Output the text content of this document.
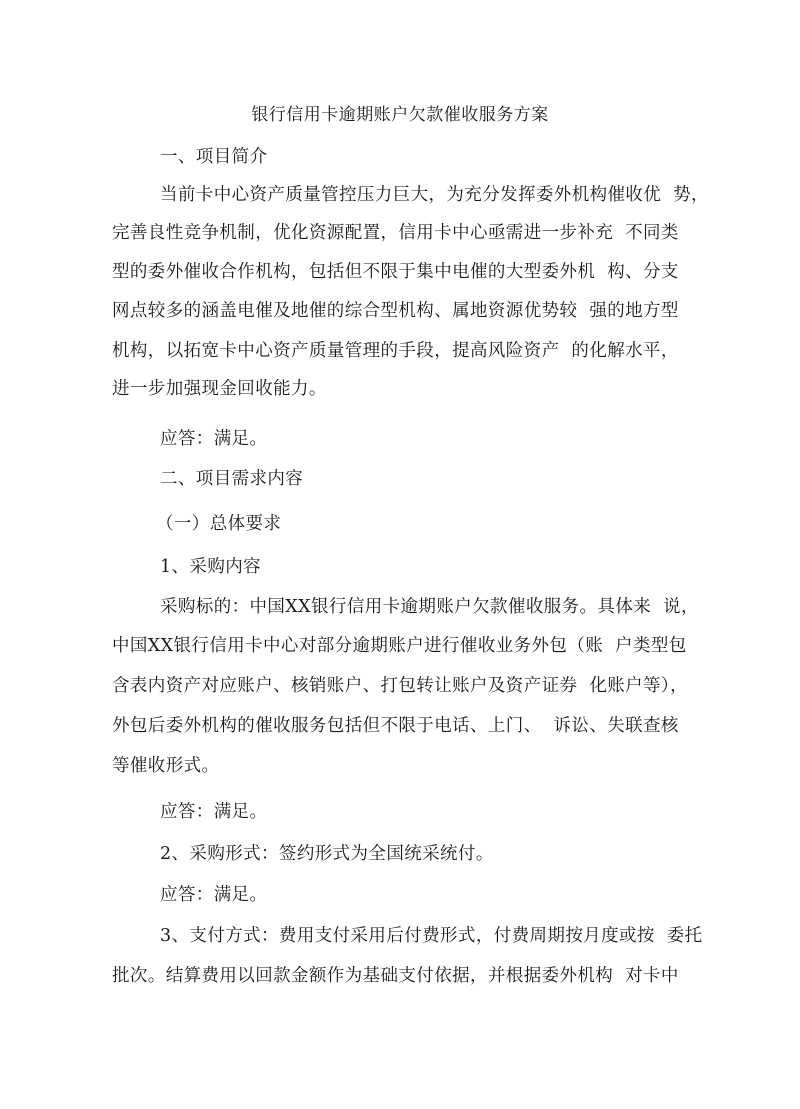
银行信用卡逾期账户欠款催收服务方案
一、项目简介
当前卡中心资产质量管控压力巨大，为充分发挥委外机构催收优  势，
完善良性竞争机制，优化资源配置，信用卡中心亟需进一步补充  不同类
型的委外催收合作机构，包括但不限于集中电催的大型委外机  构、分支
网点较多的涵盖电催及地催的综合型机构、属地资源优势较  强的地方型
机构，以拓宽卡中心资产质量管理的手段，提高风险资产  的化解水平，
进一步加强现金回收能力。
应答：满足。
二、项目需求内容
（一）总体要求
1、采购内容
采购标的：中国XX银行信用卡逾期账户欠款催收服务。具体来  说，
中国XX银行信用卡中心对部分逾期账户进行催收业务外包（账  户类型包
含表内资产对应账户、核销账户、打包转让账户及资产证券  化账户等），
外包后委外机构的催收服务包括但不限于电话、上门、  诉讼、失联查核
等催收形式。
应答：满足。
2、采购形式：签约形式为全国统采统付。
应答：满足。
3、支付方式：费用支付采用后付费形式，付费周期按月度或按  委托
批次。结算费用以回款金额作为基础支付依据，并根据委外机构  对卡中
